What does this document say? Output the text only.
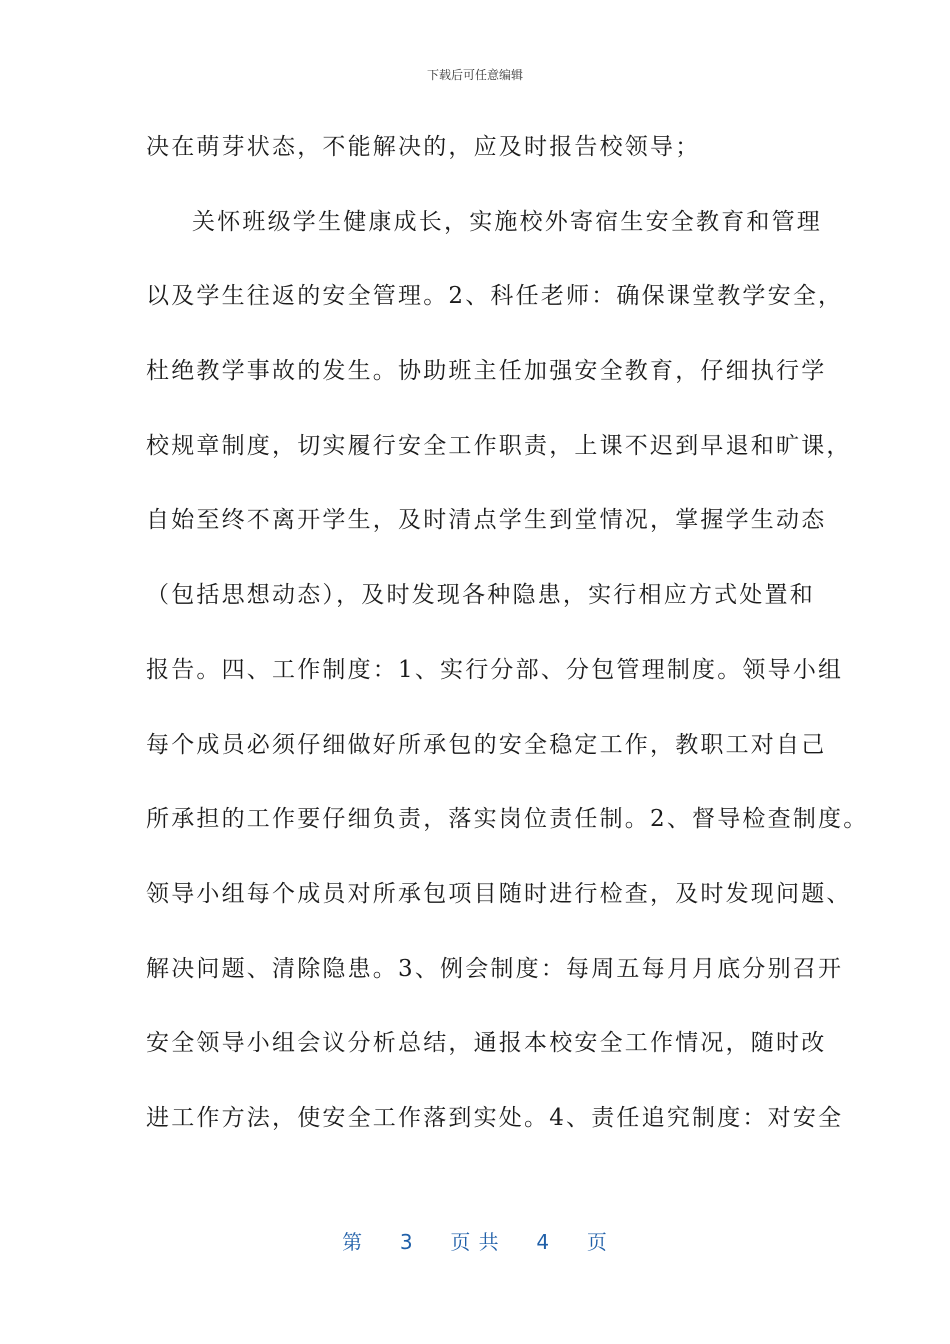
下载后可任意编辑
决在萌芽状态，不能解决的，应及时报告校领导；
关怀班级学生健康成长，实施校外寄宿生安全教育和管理
以及学生往返的安全管理。2、科任老师：确保课堂教学安全，
杜绝教学事故的发生。协助班主任加强安全教育，仔细执行学
校规章制度，切实履行安全工作职责，上课不迟到早退和旷课，
自始至终不离开学生，及时清点学生到堂情况，掌握学生动态
（包括思想动态），及时发现各种隐患，实行相应方式处置和
报告。四、工作制度：1、实行分部、分包管理制度。领导小组
每个成员必须仔细做好所承包的安全稳定工作，教职工对自己
所承担的工作要仔细负责，落实岗位责任制。2、督导检查制度。
领导小组每个成员对所承包项目随时进行检查，及时发现问题、
解决问题、清除隐患。3、例会制度：每周五每月月底分别召开
安全领导小组会议分析总结，通报本校安全工作情况，随时改
进工作方法，使安全工作落到实处。4、责任追究制度：对安全
第 3 页 共 4 页
